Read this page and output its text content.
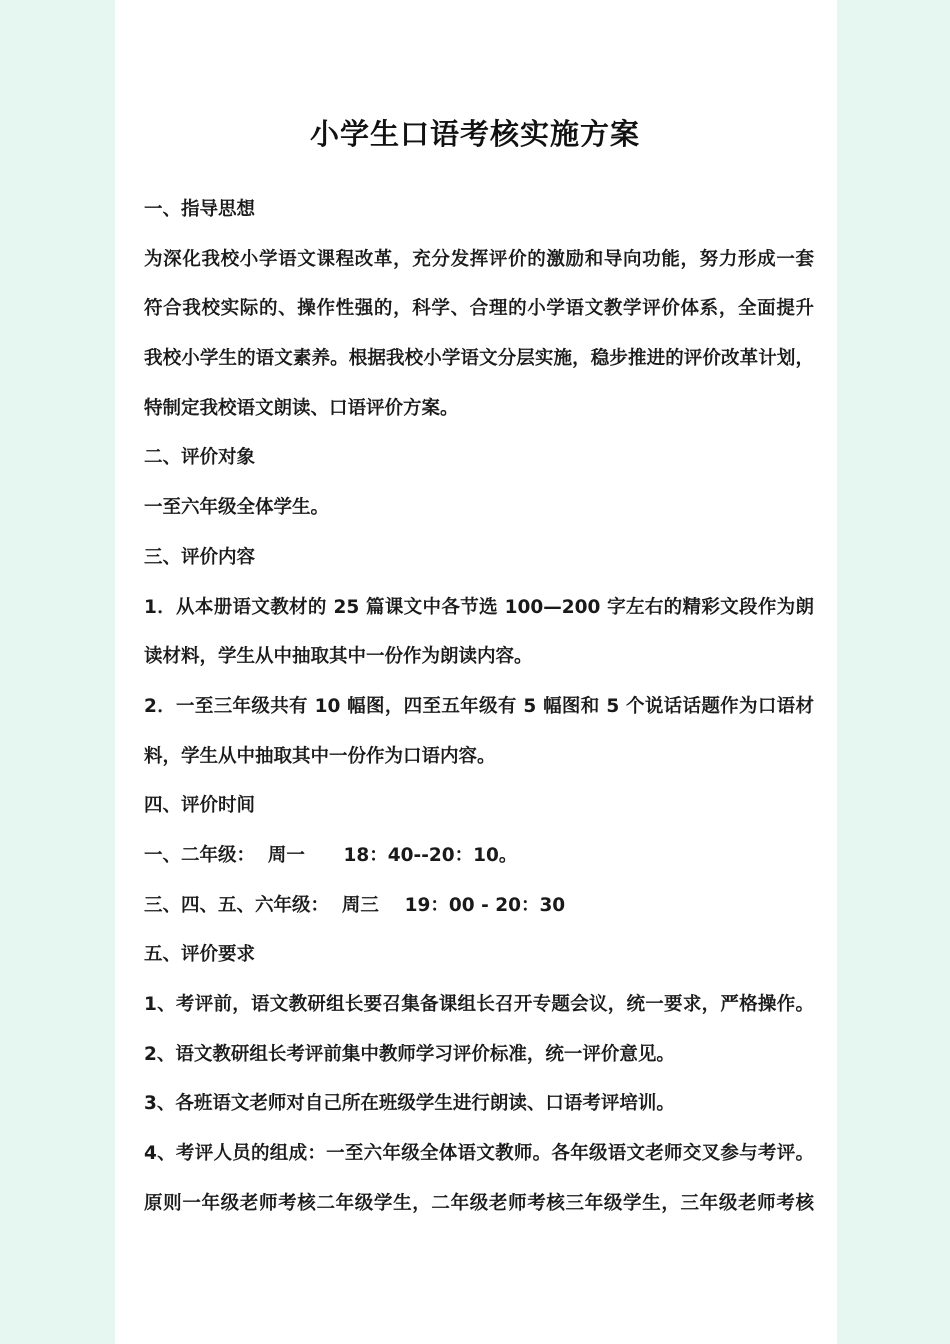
小学生口语考核实施方案
一、指导思想
为深化我校小学语文课程改革，充分发挥评价的激励和导向功能，努力形成一套
符合我校实际的、操作性强的，科学、合理的小学语文教学评价体系，全面提升
我校小学生的语文素养。根据我校小学语文分层实施，稳步推进的评价改革计划，
特制定我校语文朗读、口语评价方案。
二、评价对象
一至六年级全体学生。
三、评价内容
1．从本册语文教材的 25 篇课文中各节选 100—200 字左右的精彩文段作为朗
读材料，学生从中抽取其中一份作为朗读内容。
2．一至三年级共有 10 幅图，四至五年级有 5 幅图和 5 个说话话题作为口语材
料，学生从中抽取其中一份作为口语内容。
四、评价时间
一、二年级：  周一      18：40--20：10。
三、四、五、六年级：  周三    19：00 - 20：30
五、评价要求
1、考评前，语文教研组长要召集备课组长召开专题会议，统一要求，严格操作。
2、语文教研组长考评前集中教师学习评价标准，统一评价意见。
3、各班语文老师对自己所在班级学生进行朗读、口语考评培训。
4、考评人员的组成：一至六年级全体语文教师。各年级语文老师交叉参与考评。
原则一年级老师考核二年级学生，二年级老师考核三年级学生，三年级老师考核
